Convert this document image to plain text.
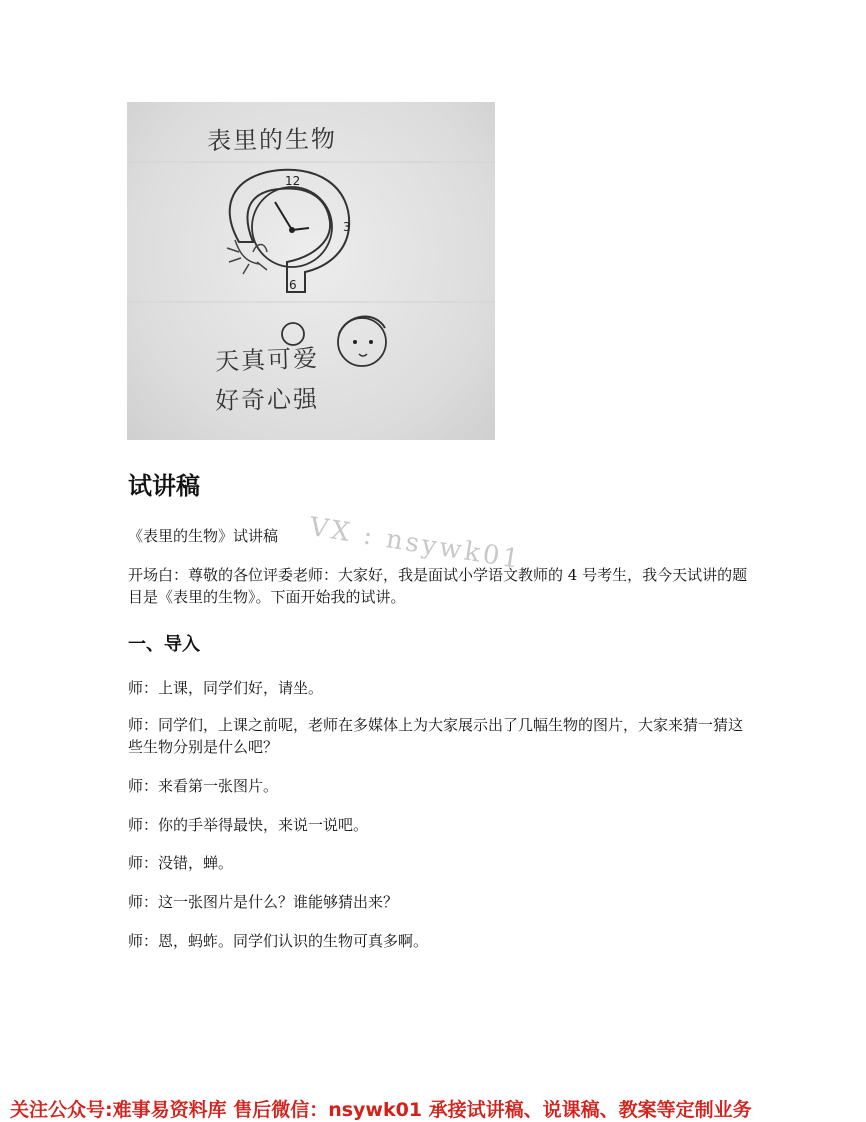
表里的生物
12
3
6
天真可爱
好奇心强
试讲稿
VX : nsywk01

《表里的生物》试讲稿

开场白：尊敬的各位评委老师：大家好，我是面试小学语文教师的 4 号考生，我今天试讲的题目是《表里的生物》。下面开始我的试讲。

一、导入

师：上课，同学们好，请坐。

师：同学们，上课之前呢，老师在多媒体上为大家展示出了几幅生物的图片，大家来猜一猜这些生物分别是什么吧？

师：来看第一张图片。

师：你的手举得最快，来说一说吧。

师：没错，蝉。

师：这一张图片是什么？谁能够猜出来？

师：恩，蚂蚱。同学们认识的生物可真多啊。

关注公众号:难事易资料库 售后微信：nsywk01 承接试讲稿、说课稿、教案等定制业务
